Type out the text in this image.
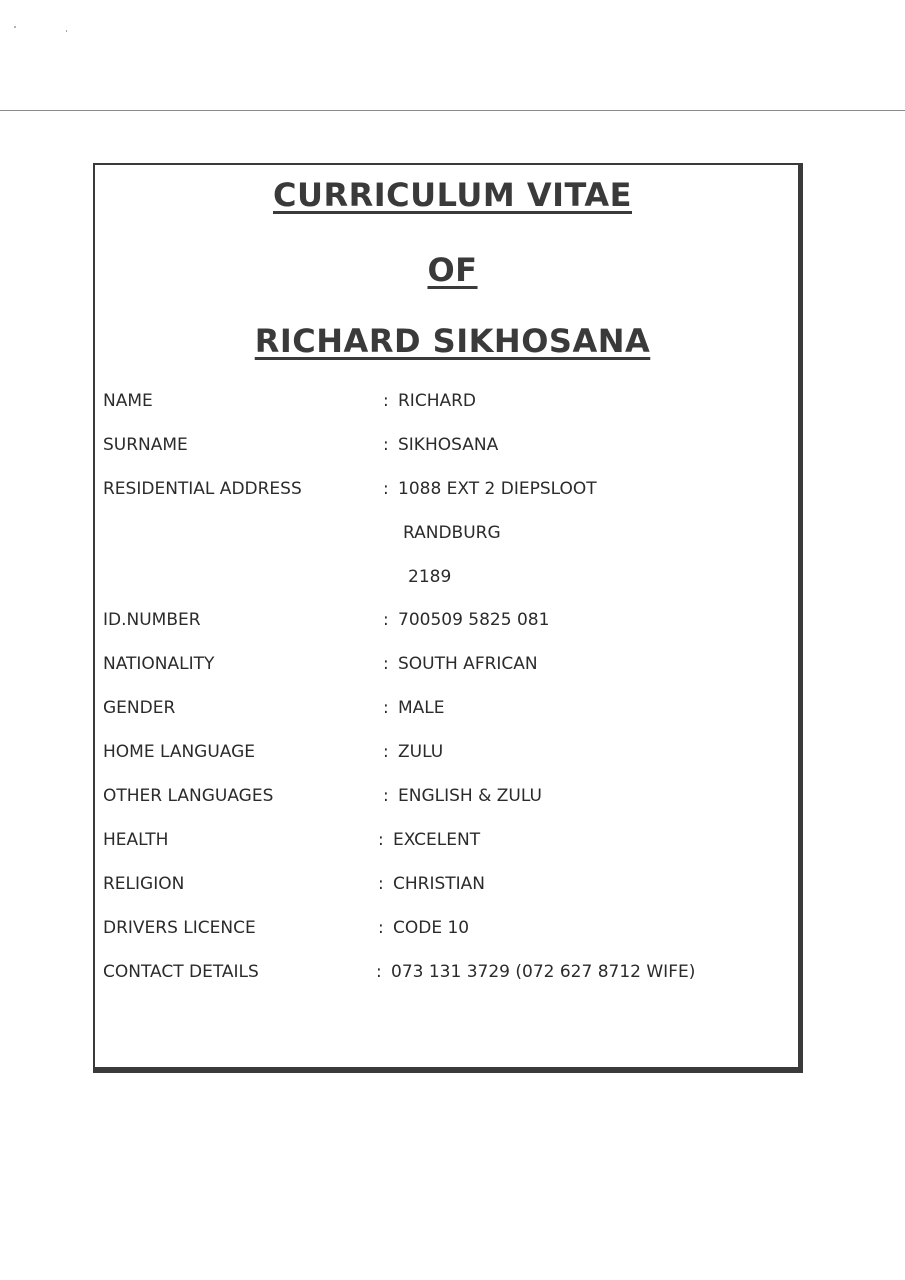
CURRICULUM VITAE
OF
RICHARD SIKHOSANA
NAME	: RICHARD
SURNAME	: SIKHOSANA
RESIDENTIAL ADDRESS	: 1088 EXT 2 DIEPSLOOT
RANDBURG
2189
ID.NUMBER	: 700509 5825 081
NATIONALITY	: SOUTH AFRICAN
GENDER	: MALE
HOME LANGUAGE	: ZULU
OTHER LANGUAGES	: ENGLISH & ZULU
HEALTH	: EXCELENT
RELIGION	: CHRISTIAN
DRIVERS LICENCE	: CODE 10
CONTACT DETAILS	: 073 131 3729 (072 627 8712 WIFE)
